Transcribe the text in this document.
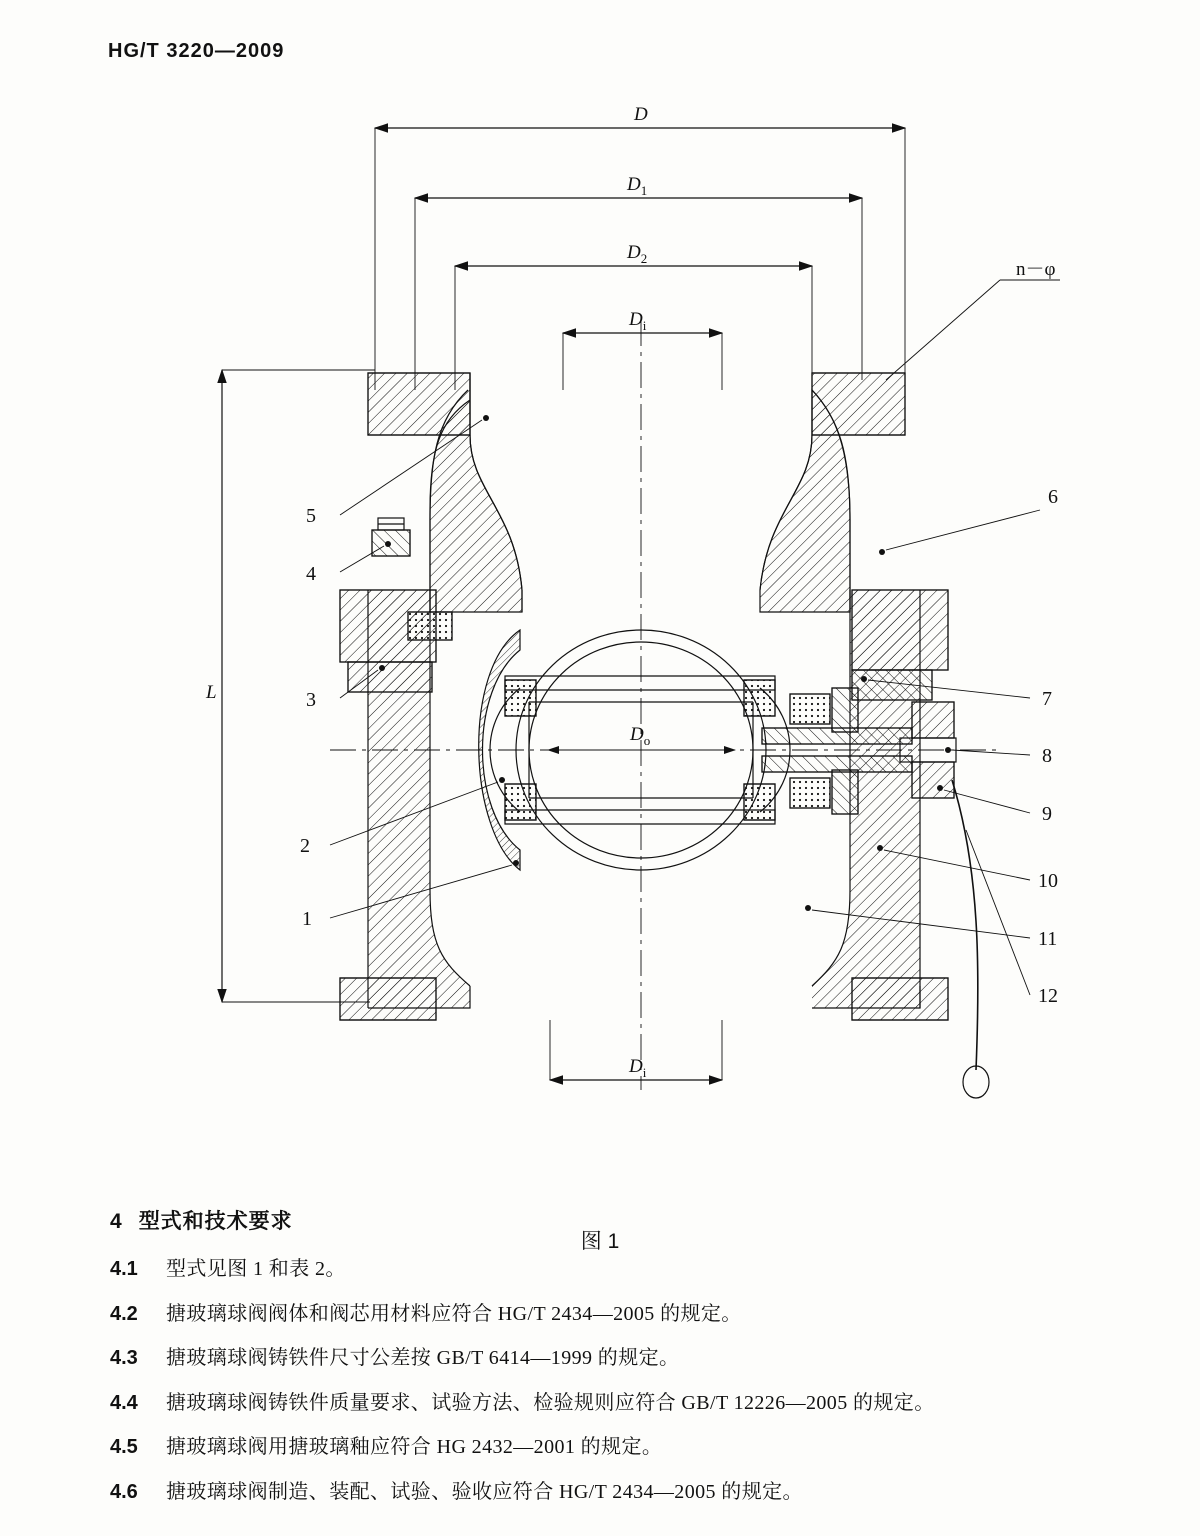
HG/T 3220—2009
D
$D_1$
$D_2$
$D_i$
$D_o$
$D_i$
L
n－φ
5
4
3
2
1
6
7
8
9
10
11
12
图 1
4 型式和技术要求
4.1	型式见图 1 和表 2。
4.2	搪玻璃球阀阀体和阀芯用材料应符合 HG/T 2434—2005 的规定。
4.3	搪玻璃球阀铸铁件尺寸公差按 GB/T 6414—1999 的规定。
4.4	搪玻璃球阀铸铁件质量要求、试验方法、检验规则应符合 GB/T 12226—2005 的规定。
4.5	搪玻璃球阀用搪玻璃釉应符合 HG 2432—2001 的规定。
4.6	搪玻璃球阀制造、装配、试验、验收应符合 HG/T 2434—2005 的规定。
